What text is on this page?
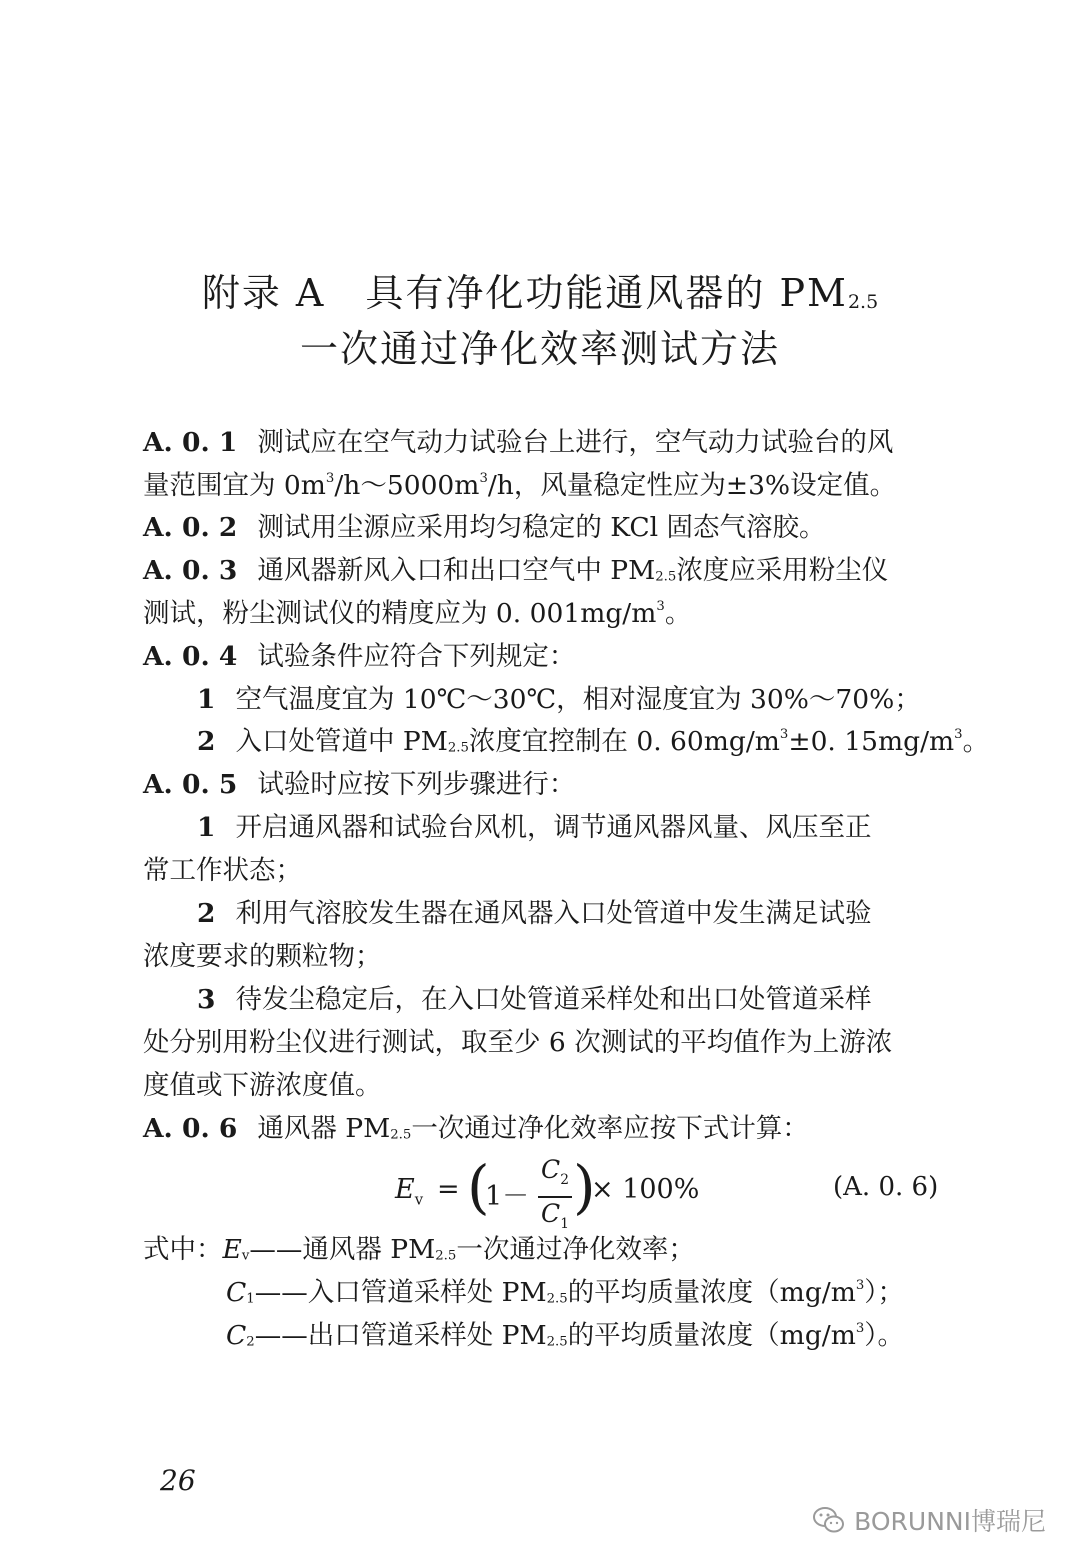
附录 A　具有净化功能通风器的 $PM_{2.5}$
一次通过净化效率测试方法
A. 0. 1 测试应在空气动力试验台上进行，空气动力试验台的风
量范围宜为 $0m^3/h\sim 5000m^3/h$，风量稳定性应为±3%设定值。
A. 0. 2 测试用尘源应采用均匀稳定的 KCl 固态气溶胶。
A. 0. 3 通风器新风入口和出口空气中 $PM_{2.5}$浓度应采用粉尘仪
测试，粉尘测试仪的精度应为 0. $001mg/m^3$。
A. 0. 4 试验条件应符合下列规定：
1 空气温度宜为 10℃～30℃，相对湿度宜为 30%～70%；
2 入口处管道中 $PM_{2.5}$浓度宜控制在 0. $60mg/m^3\pm 0$. $15mg/m^3$。
A. 0. 5 试验时应按下列步骤进行：
1 开启通风器和试验台风机，调节通风器风量、风压至正
常工作状态；
2 利用气溶胶发生器在通风器入口处管道中发生满足试验
浓度要求的颗粒物；
3 待发尘稳定后，在入口处管道采样处和出口处管道采样
处分别用粉尘仪进行测试，取至少 6 次测试的平均值作为上游浓
度值或下游浓度值。
A. 0. 6 通风器 $PM_{2.5}$一次通过净化效率应按下式计算：
$E_v$ = (
1－
$C_2$
$C_1$
)
× 100%	(A. 0. 6)
式中：$E_v——$通风器 $PM_{2.5}$一次通过净化效率；
$C_1——$入口管道采样处 $PM_{2.5}$的平均质量浓度$(mg/m^3)$；
$C_2——$出口管道采样处 $PM_{2.5}$的平均质量浓度$(mg/m^3)$。
26
BORUNNI博瑞尼
